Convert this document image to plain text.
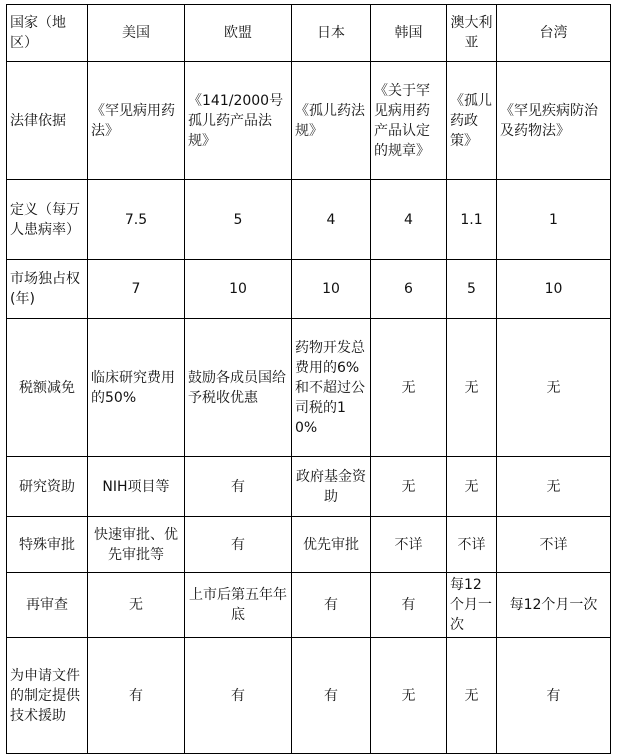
国家（地区）	美国	欧盟	日本	韩国	澳大利亚	台湾
法律依据	《罕见病用药法》	《141/2000号孤儿药产品法规》	《孤儿药法规》	《关于罕见病用药产品认定的规章》	《孤儿药政策》	《罕见疾病防治及药物法》
定义（每万人患病率）	7.5	5	4	4	1.1	1
市场独占权(年)	7	10	10	6	5	10
税额减免	临床研究费用的50%	鼓励各成员国给予税收优惠	药物开发总费用的6%和不超过公司税的10%	无	无	无
研究资助	NIH项目等	有	政府基金资助	无	无	无
特殊审批	快速审批、优先审批等	有	优先审批	不详	不详	不详
再审查	无	上市后第五年年底	有	有	每12个月一次	每12个月一次
为申请文件的制定提供技术援助	有	有	有	无	无	有
